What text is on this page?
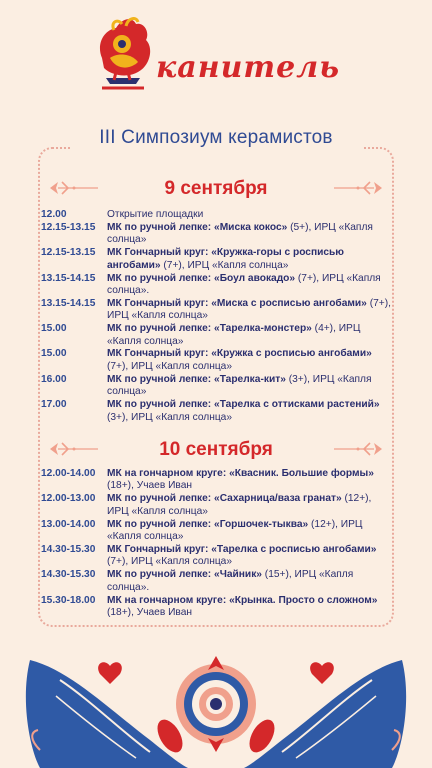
канитель
III Симпозиум керамистов
9 сентября
12.00	Открытие площадки
12.15-13.15	МК по ручной лепке: «Миска кокос» (5+), ИРЦ «Капля солнца»
12.15-13.15	МК Гончарный круг: «Кружка-горы с росписью ангобами» (7+), ИРЦ «Капля солнца»
13.15-14.15	МК по ручной лепке: «Боул авокадо» (7+), ИРЦ «Капля солнца».
13.15-14.15	МК Гончарный круг: «Миска с росписью ангобами» (7+), ИРЦ «Капля солнца»
15.00	МК по ручной лепке: «Тарелка-монстер» (4+), ИРЦ «Капля солнца»
15.00	МК Гончарный круг: «Кружка с росписью ангобами» (7+), ИРЦ «Капля солнца»
16.00	МК по ручной лепке: «Тарелка-кит» (3+), ИРЦ «Капля солнца»
17.00	МК по ручной лепке: «Тарелка с оттисками растений» (3+), ИРЦ «Капля солнца»
10 сентября
12.00-14.00	МК на гончарном круге: «Квасник. Большие формы» (18+), Учаев Иван
12.00-13.00	МК по ручной лепке: «Сахарница/ваза гранат» (12+), ИРЦ «Капля солнца»
13.00-14.00	МК по ручной лепке: «Горшочек-тыква» (12+), ИРЦ «Капля солнца»
14.30-15.30	МК Гончарный круг: «Тарелка с росписью ангобами» (7+), ИРЦ «Капля солнца»
14.30-15.30	МК по ручной лепке: «Чайник» (15+), ИРЦ «Капля солнца».
15.30-18.00	МК на гончарном круге: «Крынка. Просто о сложном» (18+), Учаев Иван
